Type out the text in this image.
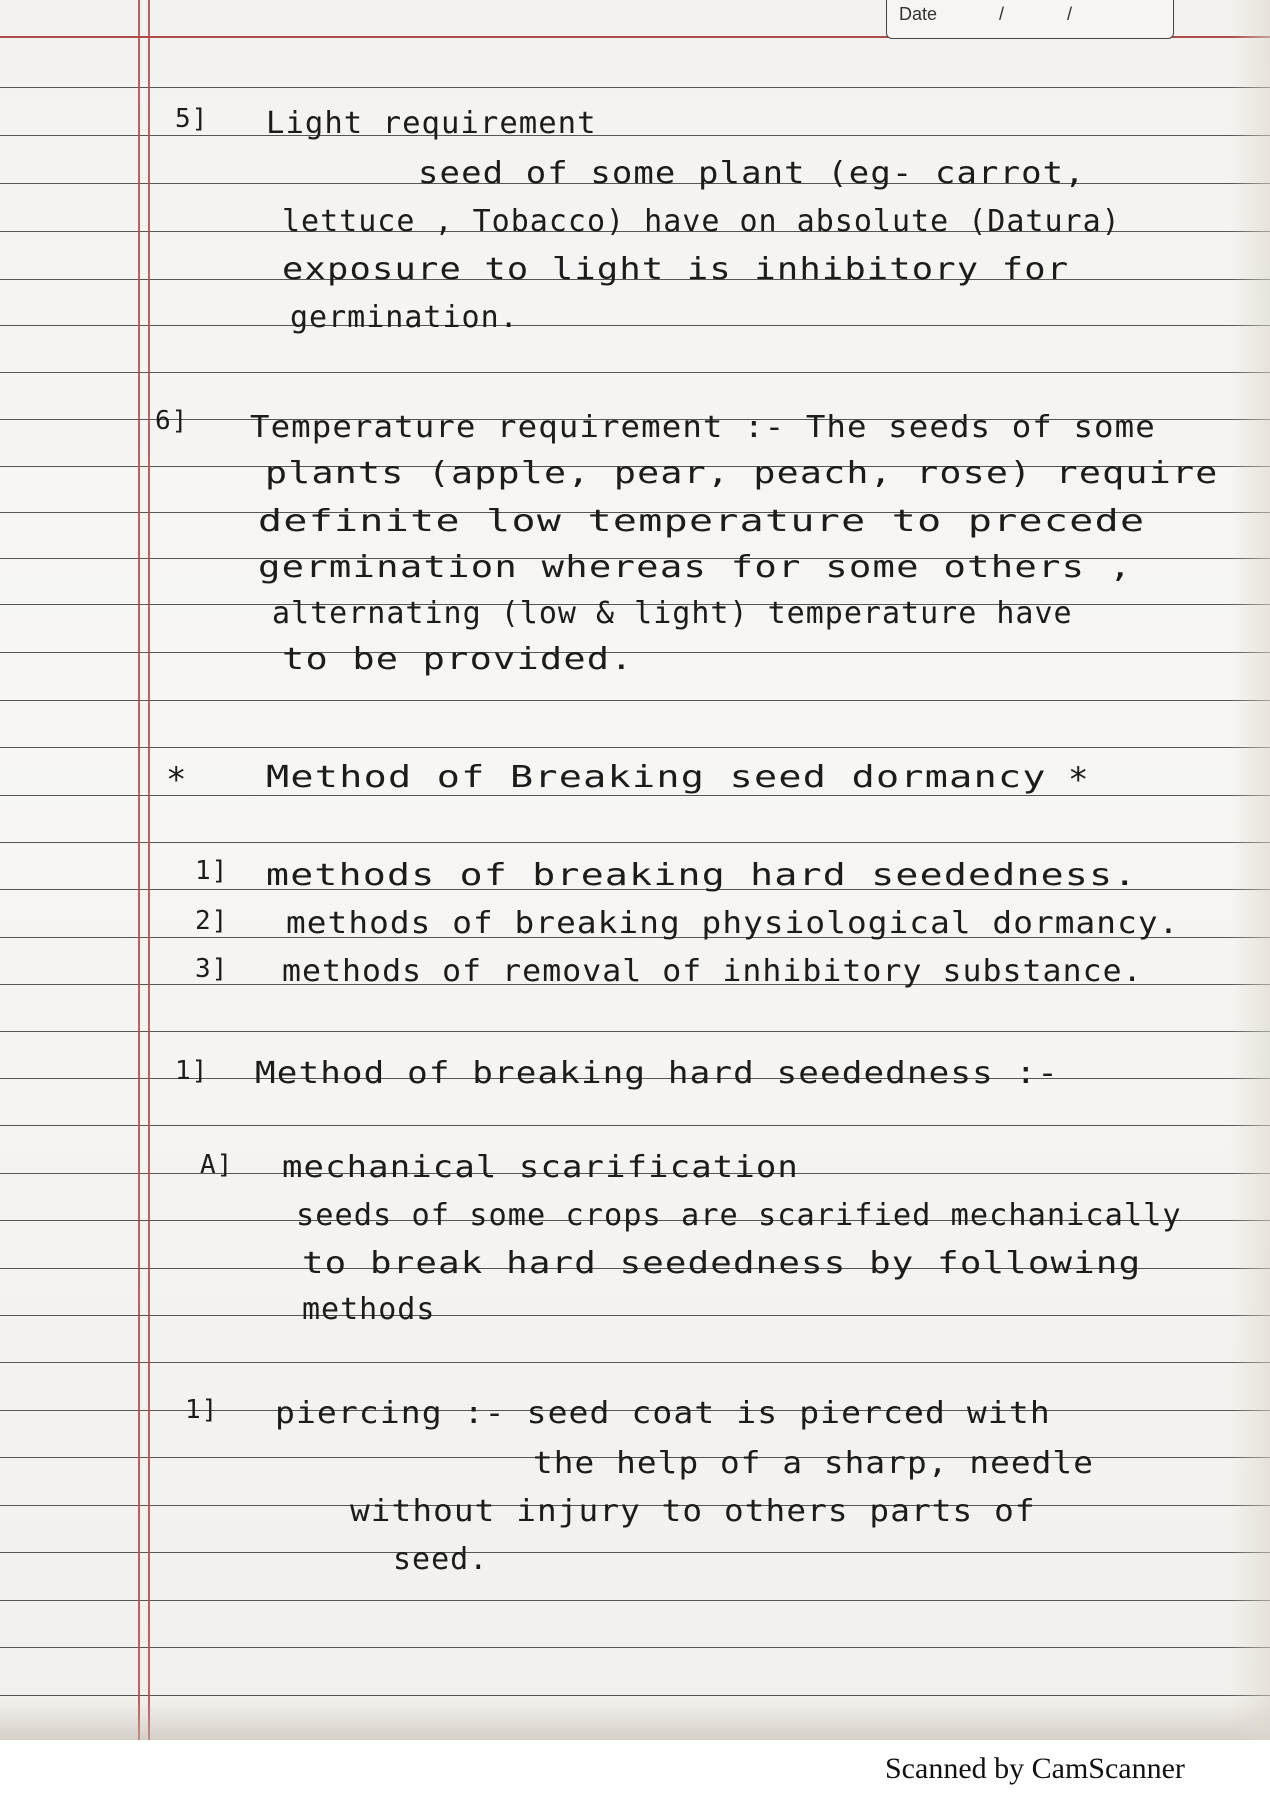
Date	/	/
5] Light requirement
seed of some plant (eg- carrot,
lettuce , Tobacco) have on absolute (Datura)
exposure to light is inhibitory for
germination.
6] Temperature requirement :- The seeds of some
plants (apple, pear, peach, rose) require
definite low temperature to precede
germination whereas for some others ,
alternating (low & light) temperature have
to be provided.
*	Method of Breaking seed dormancy *
1] methods of breaking hard seededness.
2] methods of breaking physiological dormancy.
3] methods of removal of inhibitory substance.
1] Method of breaking hard seededness :-
A] mechanical scarification
seeds of some crops are scarified mechanically
to break hard seededness by following
methods
1] piercing :- seed coat is pierced with
the help of a sharp, needle
without injury to others parts of
seed.
Scanned by CamScanner
